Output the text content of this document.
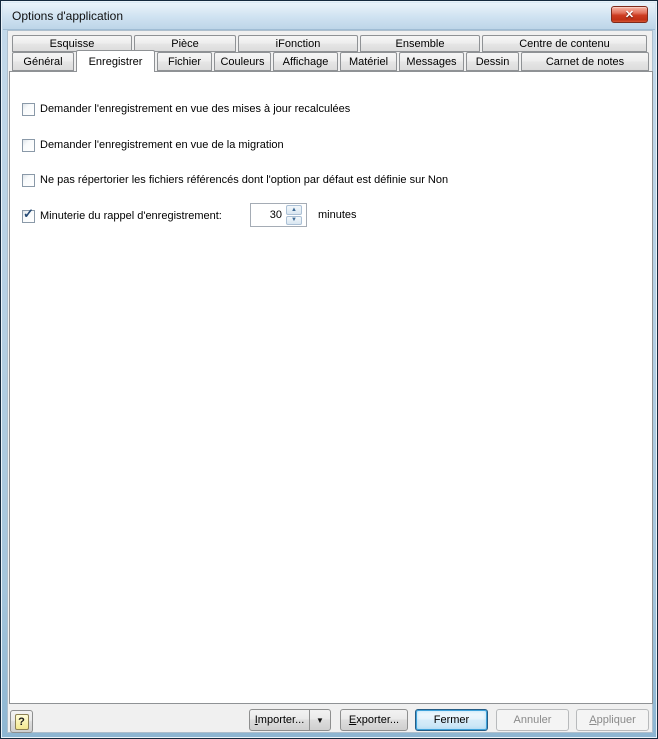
Options d'application	✕
Esquisse	Pièce	iFonction	Ensemble	Centre de contenu
Général Enregistrer Fichier Couleurs Affichage Matériel Messages Dessin	Carnet de notes
Demander l'enregistrement en vue des mises à jour recalculées
Demander l'enregistrement en vue de la migration
Ne pas répertorier les fichiers référencés dont l'option par défaut est définie sur Non
✓ Minuterie du rappel d'enregistrement:
30
▲
▼ minutes
?	Importer...	▼	Exporter...	Fermer	Annuler	Appliquer
